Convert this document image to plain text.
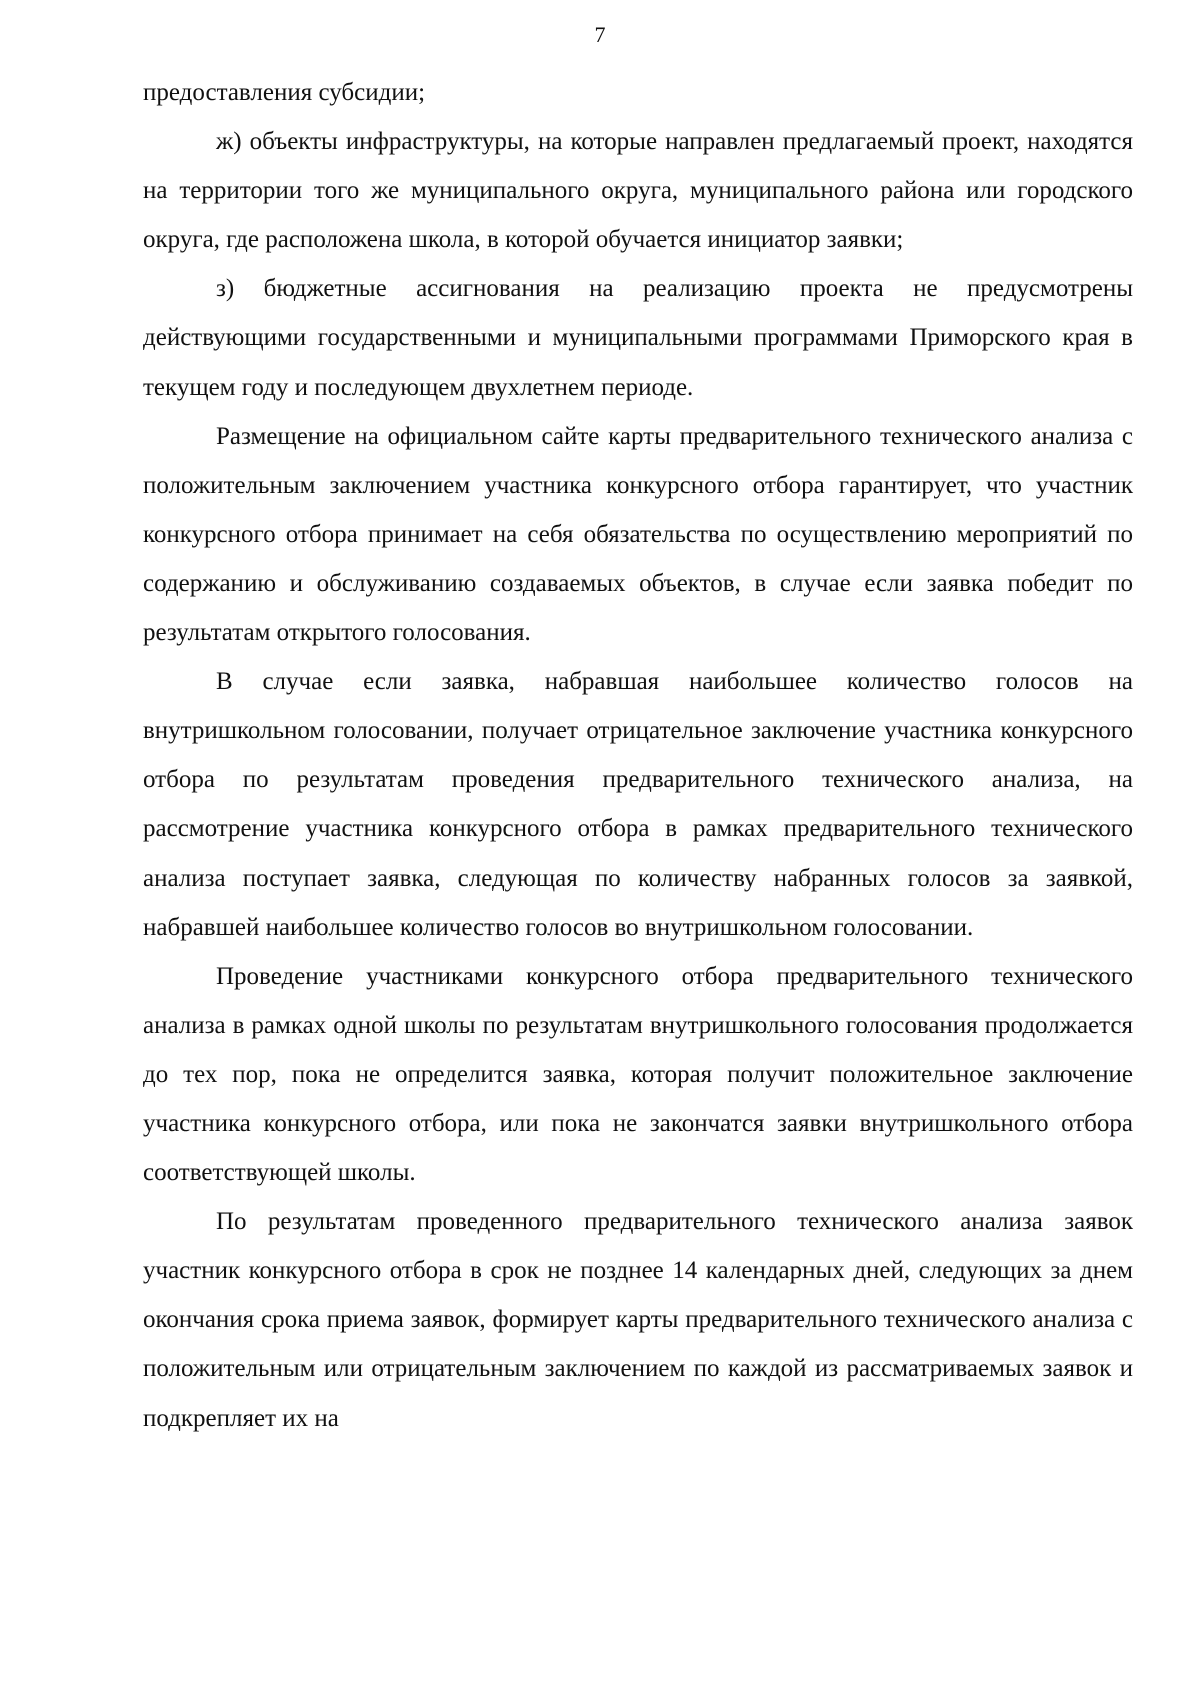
7

предоставления субсидии;

ж) объекты инфраструктуры, на которые направлен предлагаемый проект, находятся на территории того же муниципального округа, муниципального района или городского округа, где расположена школа, в которой обучается инициатор заявки;

з) бюджетные ассигнования на реализацию проекта не предусмотрены действующими государственными и муниципальными программами Приморского края в текущем году и последующем двухлетнем периоде.

Размещение на официальном сайте карты предварительного технического анализа с положительным заключением участника конкурсного отбора гарантирует, что участник конкурсного отбора принимает на себя обязательства по осуществлению мероприятий по содержанию и обслуживанию создаваемых объектов, в случае если заявка победит по результатам открытого голосования.

В случае если заявка, набравшая наибольшее количество голосов на внутришкольном голосовании, получает отрицательное заключение участника конкурсного отбора по результатам проведения предварительного технического анализа, на рассмотрение участника конкурсного отбора в рамках предварительного технического анализа поступает заявка, следующая по количеству набранных голосов за заявкой, набравшей наибольшее количество голосов во внутришкольном голосовании.

Проведение участниками конкурсного отбора предварительного технического анализа в рамках одной школы по результатам внутришкольного голосования продолжается до тех пор, пока не определится заявка, которая получит положительное заключение участника конкурсного отбора, или пока не закончатся заявки внутришкольного отбора соответствующей школы.

По результатам проведенного предварительного технического анализа заявок участник конкурсного отбора в срок не позднее 14 календарных дней, следующих за днем окончания срока приема заявок, формирует карты предварительного технического анализа с положительным или отрицательным заключением по каждой из рассматриваемых заявок и подкрепляет их на
